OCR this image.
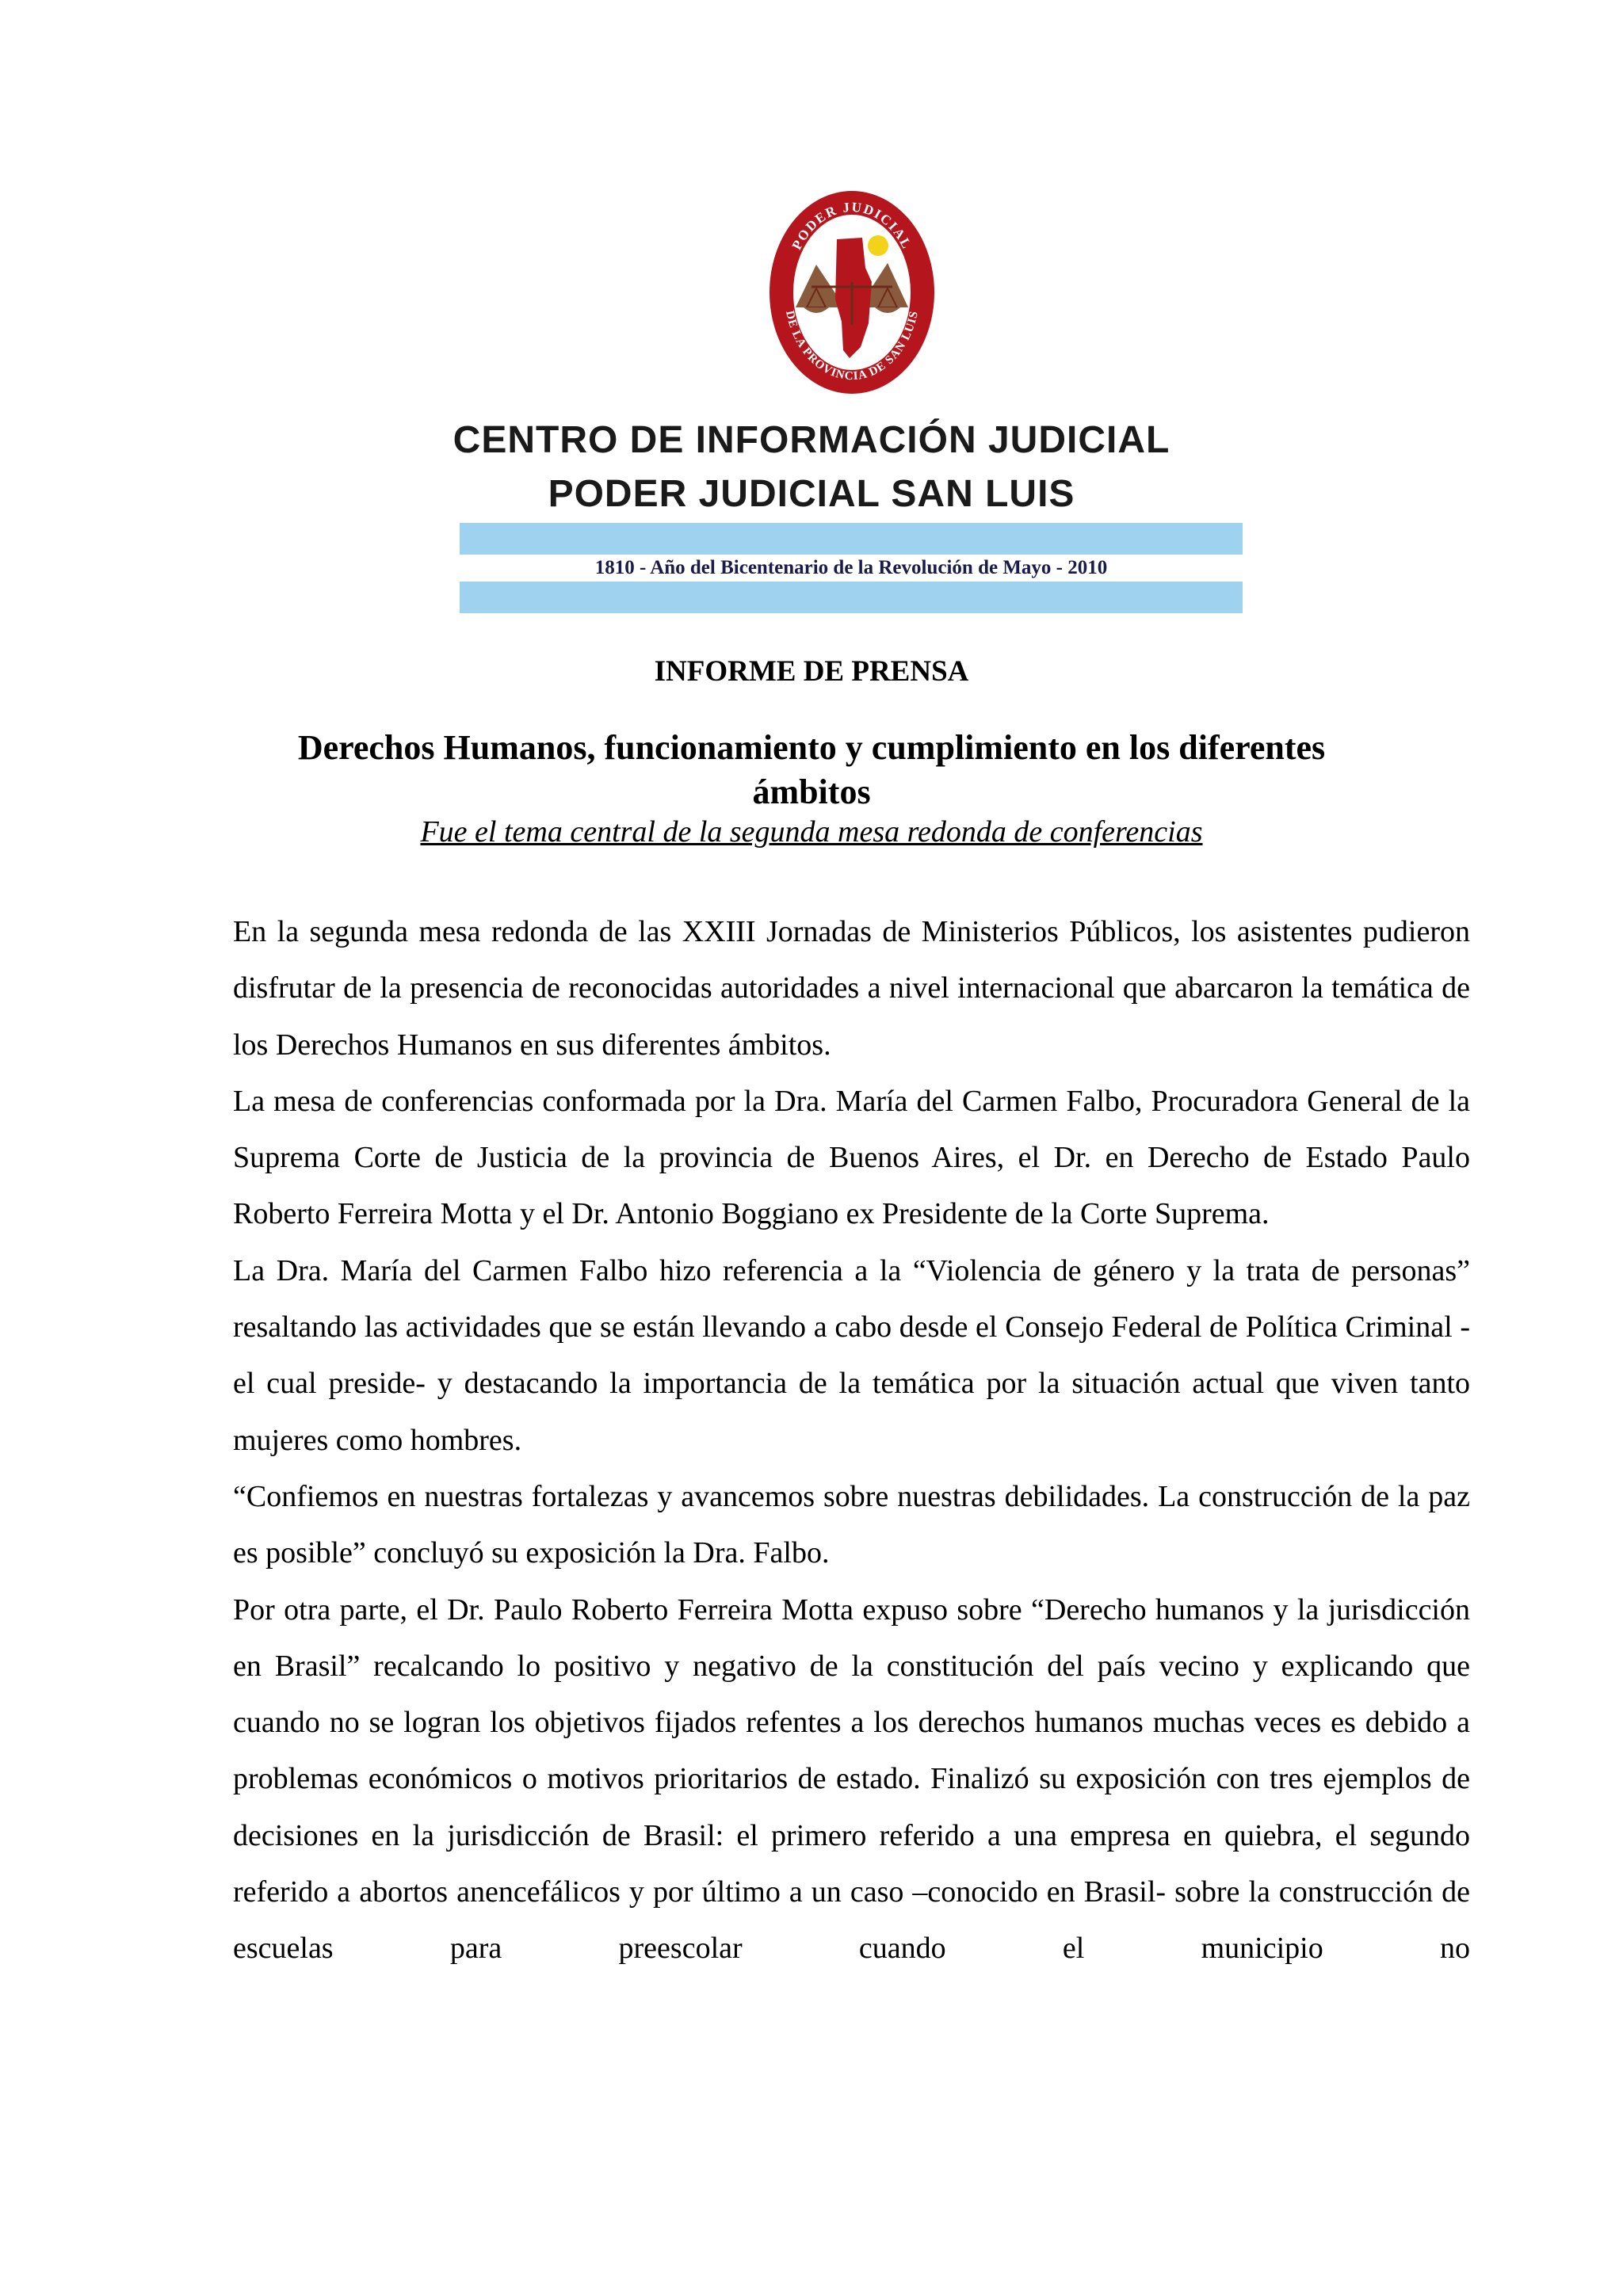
PODER JUDICIAL
DE LA PROVINCIA DE SAN LUIS
CENTRO DE INFORMACIÓN JUDICIAL
PODER JUDICIAL SAN LUIS
1810 - Año del Bicentenario de la Revolución de Mayo - 2010
INFORME DE PRENSA
Derechos Humanos, funcionamiento y cumplimiento en los diferentes ámbitos
Fue el tema central de la segunda mesa redonda de conferencias

En la segunda mesa redonda de las XXIII Jornadas de Ministerios Públicos, los asistentes pudieron disfrutar de la presencia de reconocidas autoridades a nivel internacional que abarcaron la temática de los Derechos Humanos en sus diferentes ámbitos.

La mesa de conferencias conformada por la Dra. María del Carmen Falbo, Procuradora General de la Suprema Corte de Justicia de la provincia de Buenos Aires, el Dr. en Derecho de Estado Paulo Roberto Ferreira Motta y el Dr. Antonio Boggiano ex Presidente de la Corte Suprema.

La Dra. María del Carmen Falbo hizo referencia a la “Violencia de género y la trata de personas” resaltando las actividades que se están llevando a cabo desde el Consejo Federal de Política Criminal -el cual preside- y destacando la importancia de la temática por la situación actual que viven tanto mujeres como hombres.

“Confiemos en nuestras fortalezas y avancemos sobre nuestras debilidades. La construcción de la paz es posible” concluyó su exposición la Dra. Falbo.

Por otra parte, el Dr. Paulo Roberto Ferreira Motta expuso sobre “Derecho humanos y la jurisdicción en Brasil” recalcando lo positivo y negativo de la constitución del país vecino y explicando que cuando no se logran los objetivos fijados refentes a los derechos humanos muchas veces es debido a problemas económicos o motivos prioritarios de estado. Finalizó su exposición con tres ejemplos de decisiones en la jurisdicción de Brasil: el primero referido a una empresa en quiebra, el segundo referido a abortos anencefálicos y por último a un caso –conocido en Brasil- sobre la construcción de escuelas para preescolar cuando el municipio no
